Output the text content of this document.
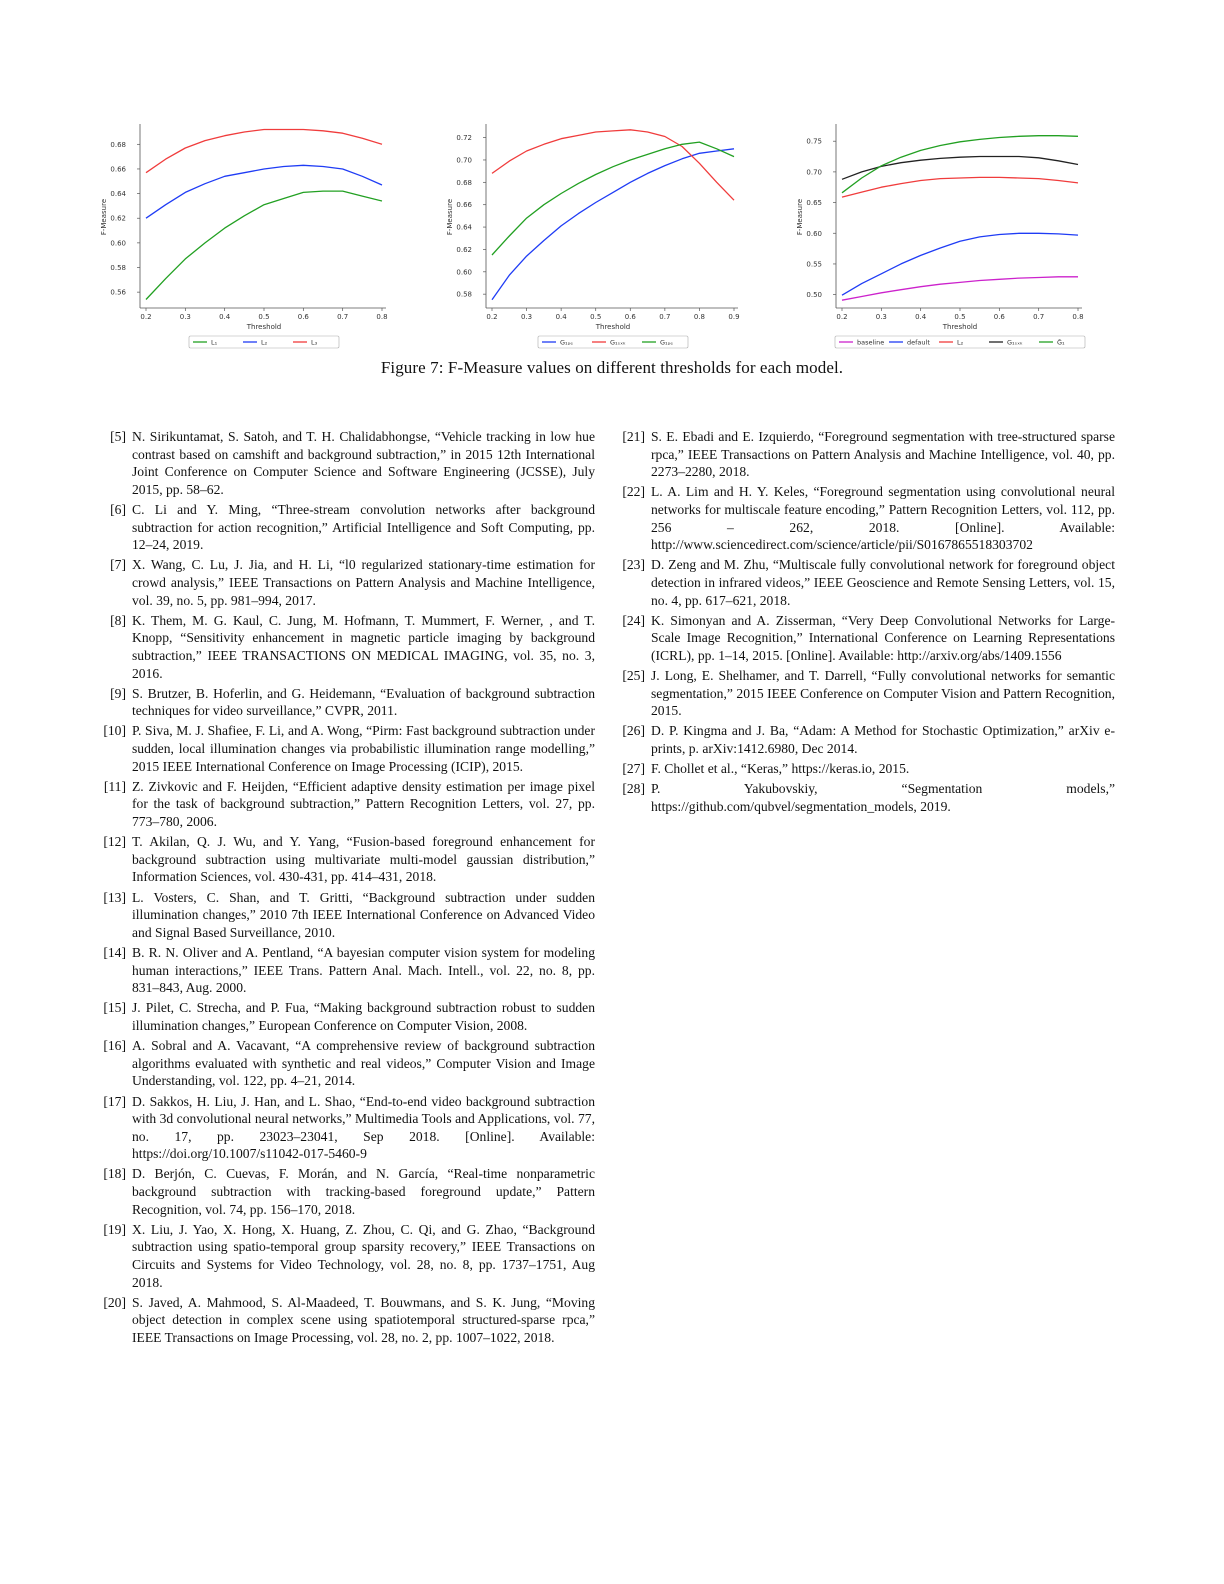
0.2	0.3	0.4	0.5	0.6	0.7	0.8
0.56
0.58
0.60
0.62
0.64
0.66
0.68
Threshold
F-Measure
L₁	L₂	L₃
0.2	0.3	0.4	0.5	0.6	0.7	0.8	0.9
0.58
0.60
0.62
0.64
0.66
0.68
0.70
0.72
Threshold
F-Measure
G₁ₚₑ	G₁ₛₓₖ	G₁ₚₑ
0.2	0.3	0.4	0.5	0.6	0.7	0.8
0.50
0.55
0.60
0.65
0.70
0.75
Threshold
F-Measure
baseline	default	L₂	G₁ₛₓₖ	Ḡ₁
Figure 7: F-Measure values on different thresholds for each model.
[5] N. Sirikuntamat, S. Satoh, and T. H. Chalidabhongse, “Vehicle tracking in low hue contrast based on camshift and background subtraction,” in 2015 12th International Joint Conference on Computer Science and Software Engineering (JCSSE), July 2015, pp. 58–62.
[6] C. Li and Y. Ming, “Three-stream convolution networks after background subtraction for action recognition,” Artificial Intelligence and Soft Computing, pp. 12–24, 2019.
[7] X. Wang, C. Lu, J. Jia, and H. Li, “l0 regularized stationary-time estimation for crowd analysis,” IEEE Transactions on Pattern Analysis and Machine Intelligence, vol. 39, no. 5, pp. 981–994, 2017.
[8] K. Them, M. G. Kaul, C. Jung, M. Hofmann, T. Mummert, F. Werner, , and T. Knopp, “Sensitivity enhancement in magnetic particle imaging by background subtraction,” IEEE TRANSACTIONS ON MEDICAL IMAGING, vol. 35, no. 3, 2016.
[9] S. Brutzer, B. Hoferlin, and G. Heidemann, “Evaluation of background subtraction techniques for video surveillance,” CVPR, 2011.
[10] P. Siva, M. J. Shafiee, F. Li, and A. Wong, “Pirm: Fast background subtraction under sudden, local illumination changes via probabilistic illumination range modelling,” 2015 IEEE International Conference on Image Processing (ICIP), 2015.
[11] Z. Zivkovic and F. Heijden, “Efficient adaptive density estimation per image pixel for the task of background subtraction,” Pattern Recognition Letters, vol. 27, pp. 773–780, 2006.
[12] T. Akilan, Q. J. Wu, and Y. Yang, “Fusion-based foreground enhancement for background subtraction using multivariate multi-model gaussian distribution,” Information Sciences, vol. 430-431, pp. 414–431, 2018.
[13] L. Vosters, C. Shan, and T. Gritti, “Background subtraction under sudden illumination changes,” 2010 7th IEEE International Conference on Advanced Video and Signal Based Surveillance, 2010.
[14] B. R. N. Oliver and A. Pentland, “A bayesian computer vision system for modeling human interactions,” IEEE Trans. Pattern Anal. Mach. Intell., vol. 22, no. 8, pp. 831–843, Aug. 2000.
[15] J. Pilet, C. Strecha, and P. Fua, “Making background subtraction robust to sudden illumination changes,” European Conference on Computer Vision, 2008.
[16] A. Sobral and A. Vacavant, “A comprehensive review of background subtraction algorithms evaluated with synthetic and real videos,” Computer Vision and Image Understanding, vol. 122, pp. 4–21, 2014.
[17] D. Sakkos, H. Liu, J. Han, and L. Shao, “End-to-end video background subtraction with 3d convolutional neural networks,” Multimedia Tools and Applications, vol. 77, no. 17, pp. 23023–23041, Sep 2018. [Online]. Available: https://doi.org/10.1007/s11042-017-5460-9
[18] D. Berjón, C. Cuevas, F. Morán, and N. García, “Real-time nonparametric background subtraction with tracking-based foreground update,” Pattern Recognition, vol. 74, pp. 156–170, 2018.
[19] X. Liu, J. Yao, X. Hong, X. Huang, Z. Zhou, C. Qi, and G. Zhao, “Background subtraction using spatio-temporal group sparsity recovery,” IEEE Transactions on Circuits and Systems for Video Technology, vol. 28, no. 8, pp. 1737–1751, Aug 2018.
[20] S. Javed, A. Mahmood, S. Al-Maadeed, T. Bouwmans, and S. K. Jung, “Moving object detection in complex scene using spatiotemporal structured-sparse rpca,” IEEE Transactions on Image Processing, vol. 28, no. 2, pp. 1007–1022, 2018.
[21] S. E. Ebadi and E. Izquierdo, “Foreground segmentation with tree-structured sparse rpca,” IEEE Transactions on Pattern Analysis and Machine Intelligence, vol. 40, pp. 2273–2280, 2018.
[22] L. A. Lim and H. Y. Keles, “Foreground segmentation using convolutional neural networks for multiscale feature encoding,” Pattern Recognition Letters, vol. 112, pp. 256 – 262, 2018. [Online]. Available: http://www.sciencedirect.com/science/article/pii/S0167865518303702
[23] D. Zeng and M. Zhu, “Multiscale fully convolutional network for foreground object detection in infrared videos,” IEEE Geoscience and Remote Sensing Letters, vol. 15, no. 4, pp. 617–621, 2018.
[24] K. Simonyan and A. Zisserman, “Very Deep Convolutional Networks for Large-Scale Image Recognition,” International Conference on Learning Representations (ICRL), pp. 1–14, 2015. [Online]. Available: http://arxiv.org/abs/1409.1556
[25] J. Long, E. Shelhamer, and T. Darrell, “Fully convolutional networks for semantic segmentation,” 2015 IEEE Conference on Computer Vision and Pattern Recognition, 2015.
[26] D. P. Kingma and J. Ba, “Adam: A Method for Stochastic Optimization,” arXiv e-prints, p. arXiv:1412.6980, Dec 2014.
[27] F. Chollet et al., “Keras,” https://keras.io, 2015.
[28] P. Yakubovskiy, “Segmentation models,” https://github.com/qubvel/segmentation_models, 2019.
